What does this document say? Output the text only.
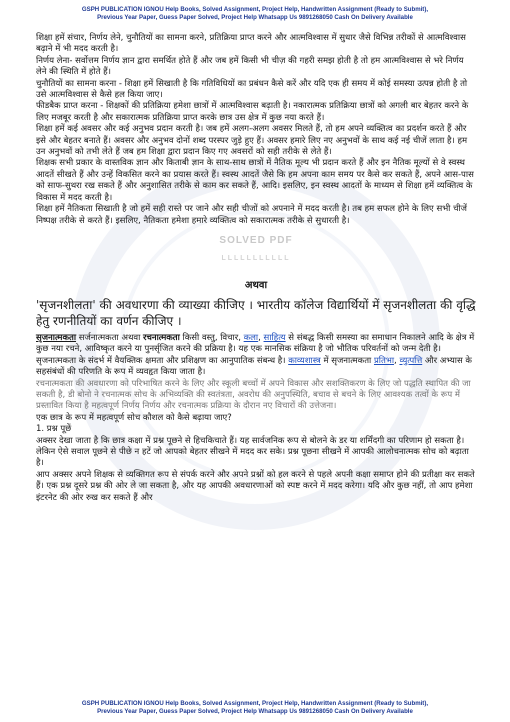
GSPH PUBLICATION IGNOU Help Books, Solved Assignment, Project Help, Handwritten Assignment (Ready to Submit),
Previous Year Paper, Guess Paper Solved, Project Help Whatsapp Us 9891268050 Cash On Delivery Available

शिक्षा हमें संचार, निर्णय लेने, चुनौतियों का सामना करने, प्रतिक्रिया प्राप्त करने और आत्मविश्वास में सुधार जैसे विभिन्न तरीकों से आत्मविश्वास बढ़ाने में भी मदद करती है।

निर्णय लेना- सर्वोत्तम निर्णय ज्ञान द्वारा समर्थित होते हैं और जब हमें किसी भी चीज़ की गहरी समझ होती है तो हम आत्मविश्वास से भरे निर्णय लेने की स्थिति में होते हैं।

चुनौतियों का सामना करना - शिक्षा हमें सिखाती है कि गतिविधियों का प्रबंधन कैसे करें और यदि एक ही समय में कोई समस्या उत्पन्न होती है तो उसे आत्मविश्वास से कैसे हल किया जाए।

फीडबैक प्राप्त करना - शिक्षकों की प्रतिक्रिया हमेशा छात्रों में आत्मविश्वास बढ़ाती है। नकारात्मक प्रतिक्रिया छात्रों को अगली बार बेहतर करने के लिए मजबूर करती है और सकारात्मक प्रतिक्रिया प्राप्त करके छात्र उस क्षेत्र में कुछ नया करते हैं।

शिक्षा हमें कई अवसर और कई अनुभव प्रदान करती है। जब हमें अलग-अलग अवसर मिलते हैं, तो हम अपने व्यक्तित्व का प्रदर्शन करते हैं और इसे और बेहतर बनाते हैं। अवसर और अनुभव दोनों शब्द परस्पर जुड़े हुए हैं। अवसर हमारे लिए नए अनुभवों के साथ कई नई चीजें लाता है। हम उन अनुभवों को तभी लेते हैं जब हम शिक्षा द्वारा प्रदान किए गए अवसरों को सही तरीके से लेते हैं।

शिक्षक सभी प्रकार के वास्तविक ज्ञान और किताबी ज्ञान के साथ-साथ छात्रों में नैतिक मूल्य भी प्रदान करते हैं और इन नैतिक मूल्यों से वे स्वस्थ आदतें सीखते हैं और उन्हें विकसित करने का प्रयास करते हैं। स्वस्थ आदतें जैसे कि हम अपना काम समय पर कैसे कर सकते हैं, अपने आस-पास को साफ-सुथरा रख सकते हैं और अनुशासित तरीके से काम कर सकते हैं, आदि। इसलिए, इन स्वस्थ आदतों के माध्यम से शिक्षा हमें व्यक्तित्व के विकास में मदद करती है।

शिक्षा हमें नैतिकता सिखाती है जो हमें सही रास्ते पर जाने और सही चीजों को अपनाने में मदद करती है। तब हम सफल होने के लिए सभी चीजें निष्पक्ष तरीके से करते हैं। इसलिए, नैतिकता हमेशा हमारे व्यक्तित्व को सकारात्मक तरीके से सुधारती है।

SOLVED PDF
LLLLLLLLLLL
अथवा

'सृजनशीलता' की अवधारणा की व्याख्या कीजिए । भारतीय कॉलेज विद्यार्थियों में सृजनशीलता की वृद्धि हेतु रणनीतियों का वर्णन कीजिए ।

सृजनात्मकता सर्जनात्मकता अथवा रचनात्मकता किसी वस्तु, विचार, कला, साहित्य से संबद्ध किसी समस्या का समाधान निकालने आदि के क्षेत्र में कुछ नया रचने, आविष्कृत करने या पुनर्सृजित करने की प्रक्रिया है। यह एक मानसिक संक्रिया है जो भौतिक परिवर्तनों को जन्म देती है। सृजनात्मकता के संदर्भ में वैयक्तिक क्षमता और प्रशिक्षण का आनुपातिक संबन्ध है। काव्यशास्त्र में सृजनात्मकता प्रतिभा, व्युत्पत्ति और अभ्यास के सहसंबंधों की परिणति के रूप में व्यवहृत किया जाता है।

रचनात्मकता की अवधारणा को परिभाषित करने के लिए और स्कूली बच्चों में अपने विकास और सशक्तिकरण के लिए जो पद्धति स्थापित की जा सकती है, डी बोनो ने रचनात्मक सोच के अभिव्यक्ति की स्वतंत्रता, अवरोध की अनुपस्थिति, बचाव से बचने के लिए आवश्यक तत्वों के रूप में प्रस्तावित किया है महत्वपूर्ण निर्णय निर्णय और रचनात्मक प्रक्रिया के दौरान नए विचारों की उत्तेजना।

एक छात्र के रूप में महत्वपूर्ण सोच कौशल को कैसे बढ़ाया जाए?

1. प्रश्न पूछें

अक्सर देखा जाता है कि छात्र कक्षा में प्रश्न पूछने से हिचकिचाते हैं। यह सार्वजनिक रूप से बोलने के डर या शर्मिंदगी का परिणाम हो सकता है। लेकिन ऐसे सवाल पूछने से पीछे न हटें जो आपको बेहतर सीखने में मदद कर सके। प्रश्न पूछना सीखने में आपकी आलोचनात्मक सोच को बढ़ाता है।

आप अक्सर अपने शिक्षक से व्यक्तिगत रूप से संपर्क करने और अपने प्रश्नों को हल करने से पहले अपनी कक्षा समाप्त होने की प्रतीक्षा कर सकते हैं। एक प्रश्न दूसरे प्रश्न की ओर ले जा सकता है, और यह आपकी अवधारणाओं को स्पष्ट करने में मदद करेगा। यदि और कुछ नहीं, तो आप हमेशा इंटरनेट की ओर रुख कर सकते हैं और

GSPH PUBLICATION IGNOU Help Books, Solved Assignment, Project Help, Handwritten Assignment (Ready to Submit),
Previous Year Paper, Guess Paper Solved, Project Help Whatsapp Us 9891268050 Cash On Delivery Available
